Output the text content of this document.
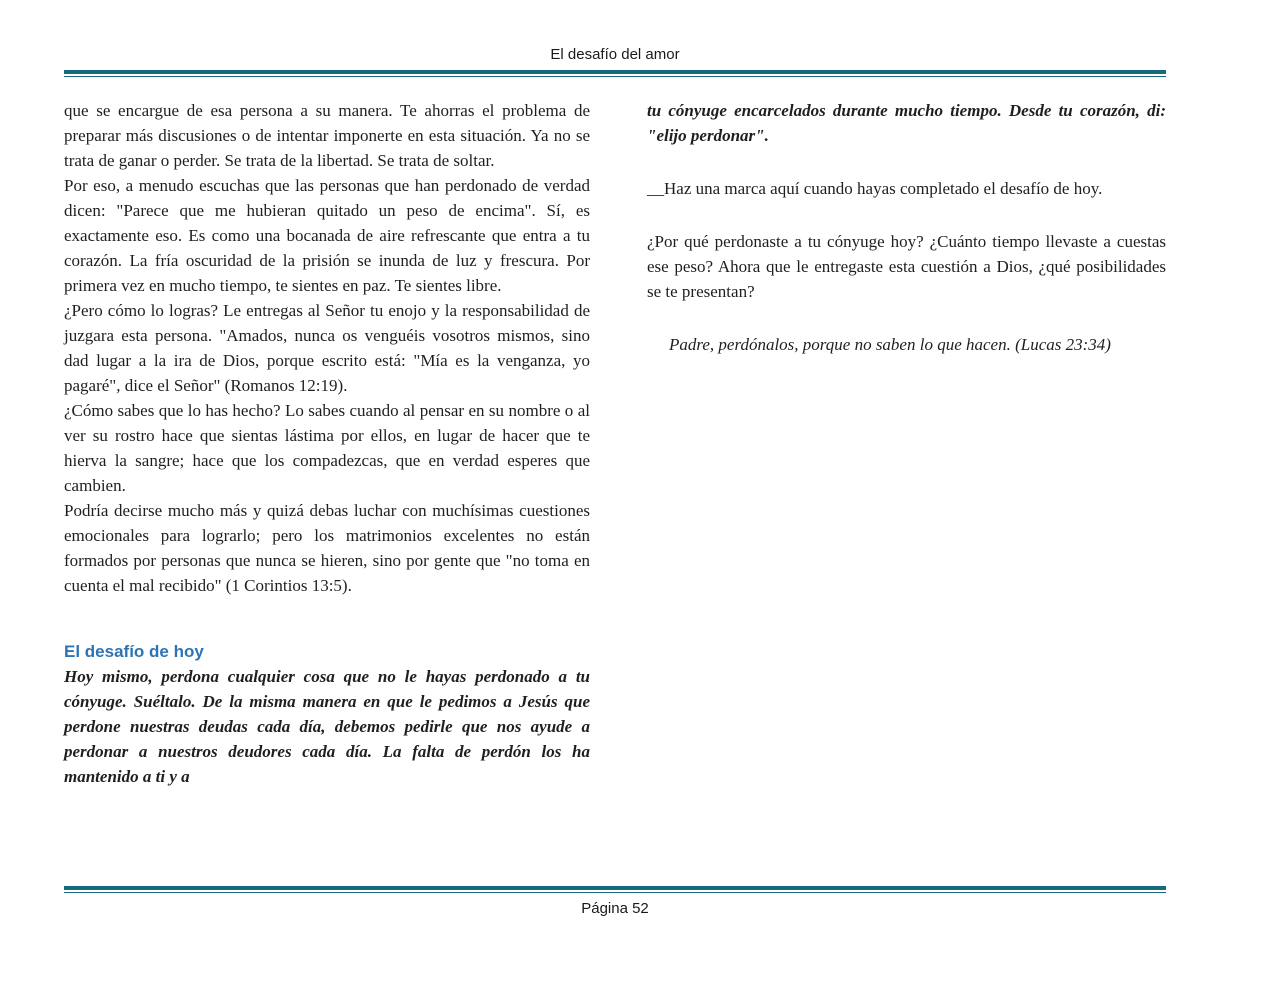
El desafío del amor

que se encargue de esa persona a su manera. Te ahorras el problema de preparar más discusiones o de intentar imponerte en esta situación. Ya no se trata de ganar o perder. Se trata de la libertad. Se trata de soltar.

Por eso, a menudo escuchas que las personas que han perdonado de verdad dicen: "Parece que me hubieran quitado un peso de encima". Sí, es exactamente eso. Es como una bocanada de aire refrescante que entra a tu corazón. La fría oscuridad de la prisión se inunda de luz y frescura. Por primera vez en mucho tiempo, te sientes en paz. Te sientes libre.

¿Pero cómo lo logras? Le entregas al Señor tu enojo y la responsabilidad de juzgara esta persona. "Amados, nunca os venguéis vosotros mismos, sino dad lugar a la ira de Dios, porque escrito está: "Mía es la venganza, yo pagaré", dice el Señor" (Romanos 12:19).

¿Cómo sabes que lo has hecho? Lo sabes cuando al pensar en su nombre o al ver su rostro hace que sientas lástima por ellos, en lugar de hacer que te hierva la sangre; hace que los compadezcas, que en verdad esperes que cambien.

Podría decirse mucho más y quizá debas luchar con muchísimas cuestiones emocionales para lograrlo; pero los matrimonios excelentes no están formados por personas que nunca se hieren, sino por gente que "no toma en cuenta el mal recibido" (1 Corintios 13:5).

El desafío de hoy

Hoy mismo, perdona cualquier cosa que no le hayas perdonado a tu cónyuge. Suéltalo. De la misma manera en que le pedimos a Jesús que perdone nuestras deudas cada día, debemos pedirle que nos ayude a perdonar a nuestros deudores cada día. La falta de perdón los ha mantenido a ti y a

tu cónyuge encarcelados durante mucho tiempo. Desde tu corazón, di: "elijo perdonar".

__Haz una marca aquí cuando hayas completado el desafío de hoy.

¿Por qué perdonaste a tu cónyuge hoy? ¿Cuánto tiempo llevaste a cuestas ese peso? Ahora que le entregaste esta cuestión a Dios, ¿qué posibilidades se te presentan?

Padre, perdónalos, porque no saben lo que hacen. (Lucas 23:34)

Página 52
